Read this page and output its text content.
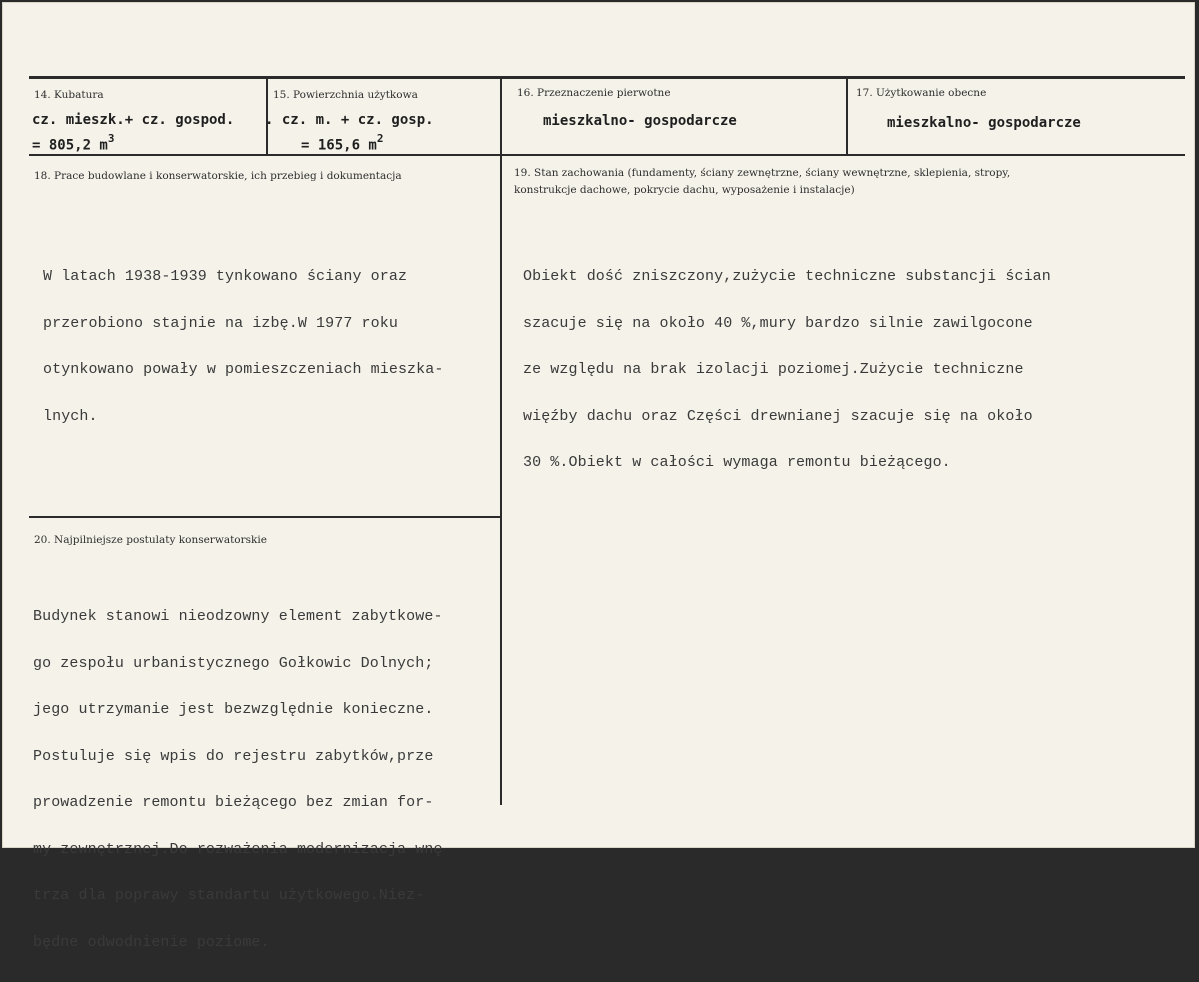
14. Kubatura
cz. mieszk.+ cz. gospod.
= 805,2 $m^3$
15. Powierzchnia użytkowa
. cz. m. + cz. gosp.
= 165,6 $m^2$
16. Przeznaczenie pierwotne
mieszkalno- gospodarcze
17. Użytkowanie obecne
mieszkalno- gospodarcze
18. Prace budowlane i konserwatorskie, ich przebieg i dokumentacja

W latach 1938-1939 tynkowano ściany oraz

przerobiono stajnie na izbę.W 1977 roku

otynkowano powały w pomieszczeniach mieszka-

lnych.

19. Stan zachowania (fundamenty, ściany zewnętrzne, ściany wewnętrzne, sklepienia, stropy,
konstrukcje dachowe, pokrycie dachu, wyposażenie i instalacje)

Obiekt dość zniszczony,zużycie techniczne substancji ścian

szacuje się na około 40 %,mury bardzo silnie zawilgocone

ze względu na brak izolacji poziomej.Zużycie techniczne

więźby dachu oraz Części drewnianej szacuje się na około

30 %.Obiekt w całości wymaga remontu bieżącego.

20. Najpilniejsze postulaty konserwatorskie

Budynek stanowi nieodzowny element zabytkowe-

go zespołu urbanistycznego Gołkowic Dolnych;

jego utrzymanie jest bezwzględnie konieczne.

Postuluje się wpis do rejestru zabytków,prze

prowadzenie remontu bieżącego bez zmian for-

my zewnętrznej.Do rozważenia modernizacja wnę

trza dla poprawy standartu użytkowego.Niez-

będne odwodnienie poziome.
